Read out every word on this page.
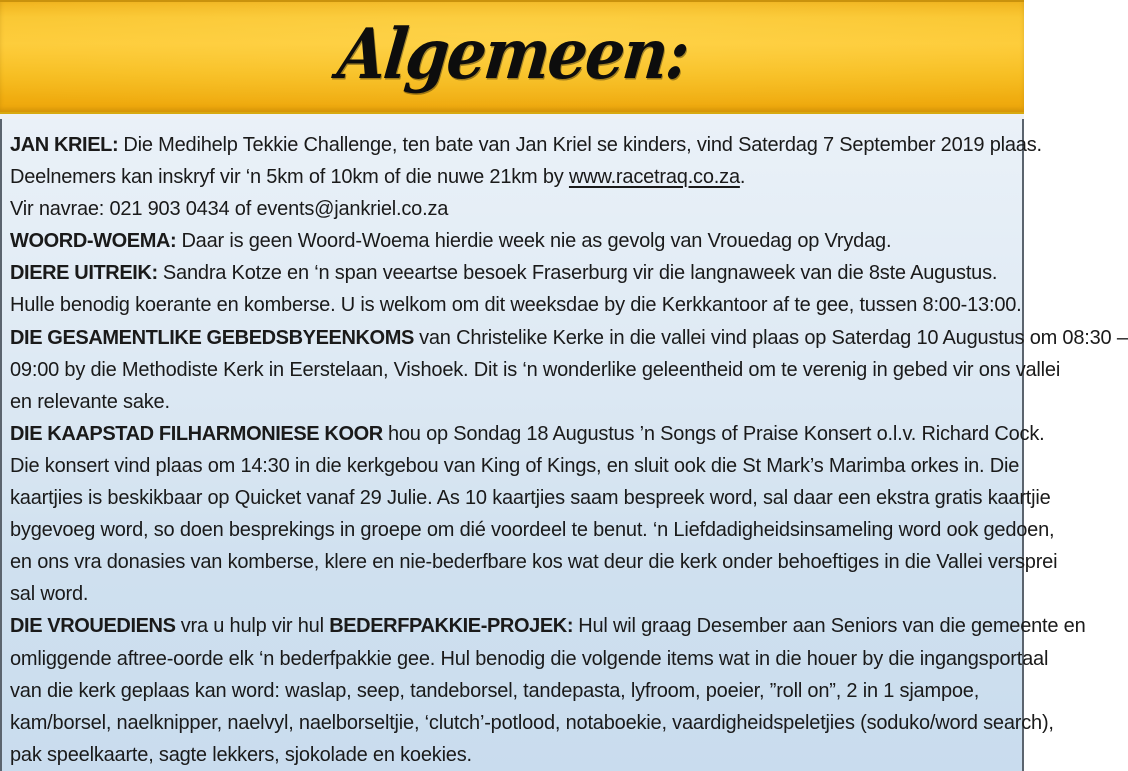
Algemeen:
JAN KRIEL: Die Medihelp Tekkie Challenge, ten bate van Jan Kriel se kinders, vind Saterdag 7 September 2019 plaas.
Deelnemers kan inskryf vir ‘n 5km of 10km of die nuwe 21km by www.racetraq.co.za.
Vir navrae: 021 903 0434 of events@jankriel.co.za
WOORD-WOEMA: Daar is geen Woord-Woema hierdie week nie as gevolg van Vrouedag op Vrydag.
DIERE UITREIK: Sandra Kotze en ‘n span veeartse besoek Fraserburg vir die langnaweek van die 8ste Augustus.
Hulle benodig koerante en komberse. U is welkom om dit weeksdae by die Kerkkantoor af te gee, tussen 8:00-13:00.
DIE GESAMENTLIKE GEBEDSBYEENKOMS van Christelike Kerke in die vallei vind plaas op Saterdag 10 Augustus om 08:30 –
09:00 by die Methodiste Kerk in Eerstelaan, Vishoek. Dit is ‘n wonderlike geleentheid om te verenig in gebed vir ons vallei
en relevante sake.
DIE KAAPSTAD FILHARMONIESE KOOR hou op Sondag 18 Augustus ’n Songs of Praise Konsert o.l.v. Richard Cock.
Die konsert vind plaas om 14:30 in die kerkgebou van King of Kings, en sluit ook die St Mark’s Marimba orkes in. Die
kaartjies is beskikbaar op Quicket vanaf 29 Julie. As 10 kaartjies saam bespreek word, sal daar een ekstra gratis kaartjie
bygevoeg word, so doen besprekings in groepe om dié voordeel te benut. ‘n Liefdadigheidsinsameling word ook gedoen,
en ons vra donasies van komberse, klere en nie-bederfbare kos wat deur die kerk onder behoeftiges in die Vallei versprei
sal word.
DIE VROUEDIENS vra u hulp vir hul BEDERFPAKKIE-PROJEK: Hul wil graag Desember aan Seniors van die gemeente en
omliggende aftree-oorde elk ‘n bederfpakkie gee. Hul benodig die volgende items wat in die houer by die ingangsportaal
van die kerk geplaas kan word: waslap, seep, tandeborsel, tandepasta, lyfroom, poeier, ”roll on”, 2 in 1 sjampoe,
kam/borsel, naelknipper, naelvyl, naelborseltjie, ‘clutch’-potlood, notaboekie, vaardigheidspeletjies (soduko/word search),
pak speelkaarte, sagte lekkers, sjokolade en koekies.
